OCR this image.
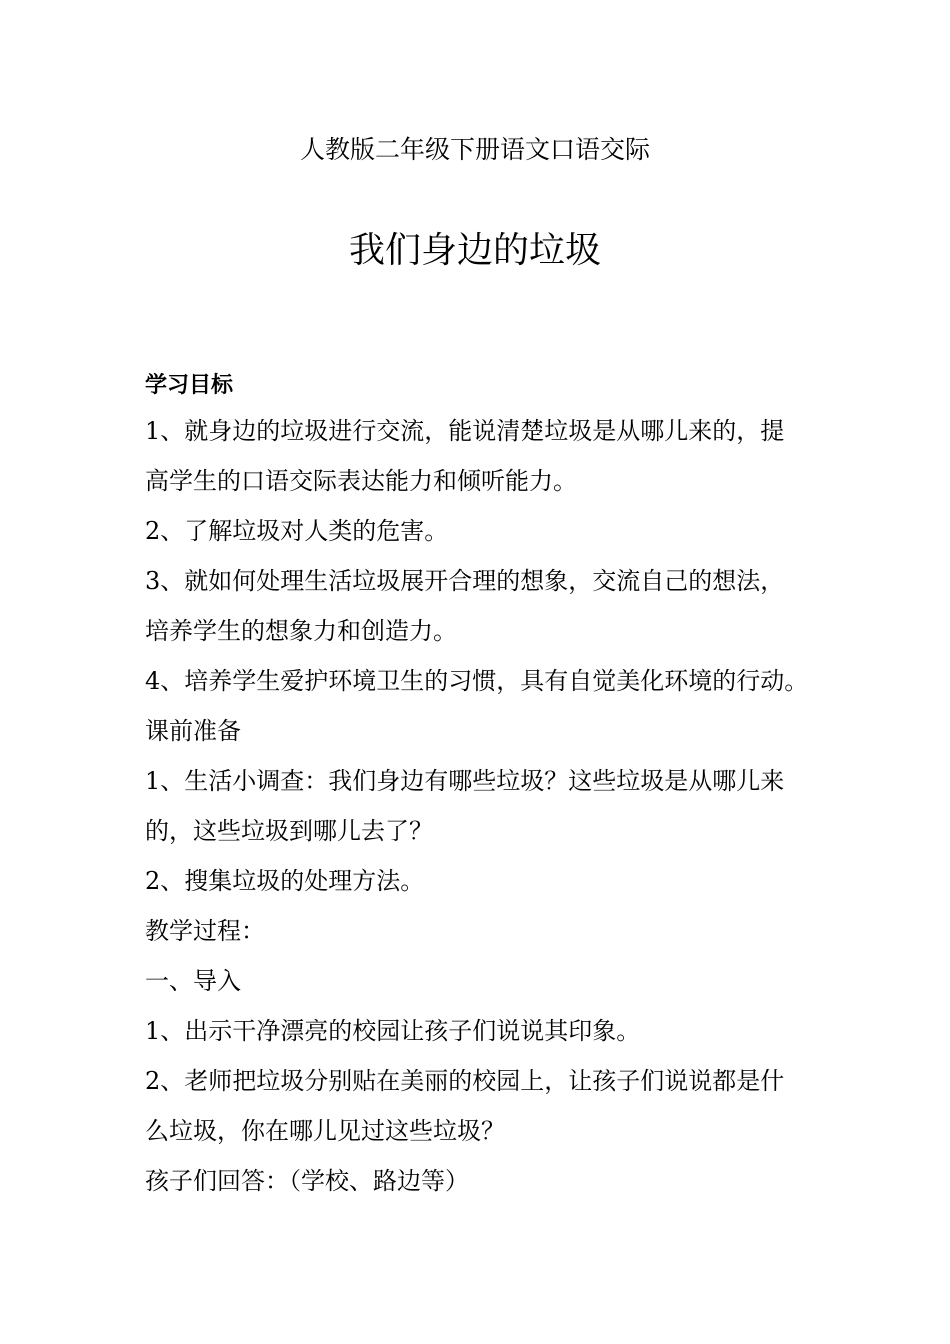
人教版二年级下册语文口语交际
我们身边的垃圾
学习目标
1、就身边的垃圾进行交流，能说清楚垃圾是从哪儿来的，提
高学生的口语交际表达能力和倾听能力。
2、了解垃圾对人类的危害。
3、就如何处理生活垃圾展开合理的想象，交流自己的想法，
培养学生的想象力和创造力。
4、培养学生爱护环境卫生的习惯，具有自觉美化环境的行动。
课前准备
1、生活小调查：我们身边有哪些垃圾？这些垃圾是从哪儿来
的，这些垃圾到哪儿去了？
2、搜集垃圾的处理方法。
教学过程：
一、导入
1、出示干净漂亮的校园让孩子们说说其印象。
2、老师把垃圾分别贴在美丽的校园上，让孩子们说说都是什
么垃圾，你在哪儿见过这些垃圾？
孩子们回答：（学校、路边等）
